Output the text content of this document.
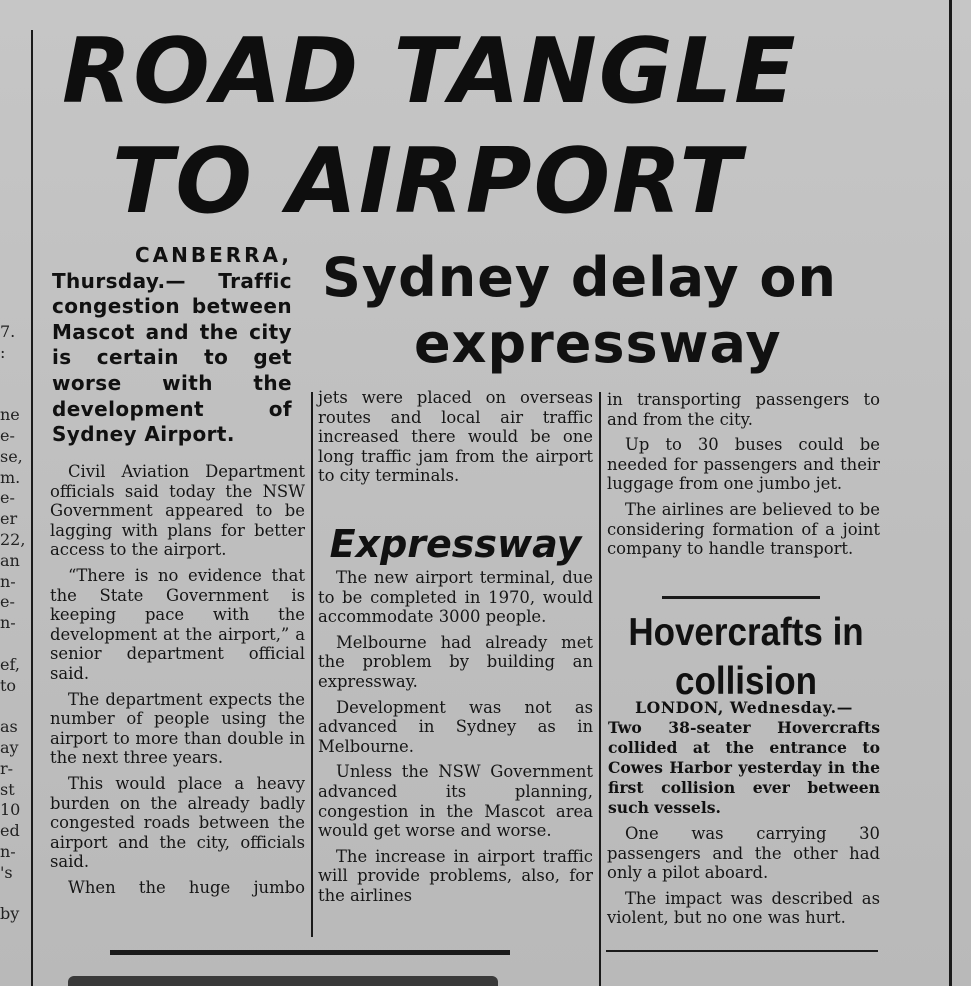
7.
:

ne
e-
se,
m.
e-
er
22,
an
n-
e-
n-

ef,
to

as
ay
r-
st
10
ed
n-
's

by
ROAD TANGLE
TO AIRPORT
Sydney delay on
expressway
CANBERRA,
Thursday.— Traffic congestion between Mascot and the city is certain to get worse with the development of Sydney Airport.

Civil Aviation Department officials said today the NSW Government appeared to be lagging with plans for better access to the airport.

“There is no evidence that the State Government is keeping pace with the development at the airport,” a senior department official said.

The department expects the number of people using the airport to more than double in the next three years.

This would place a heavy burden on the already badly congested roads between the airport and the city, officials said.

When the huge jumbo

jets were placed on overseas routes and local air traffic increased there would be one long traffic jam from the airport to city terminals.

Expressway

The new airport terminal, due to be completed in 1970, would accommodate 3000 people.

Melbourne had already met the problem by building an expressway.

Development was not as advanced in Sydney as in Melbourne.

Unless the NSW Government advanced its planning, congestion in the Mascot area would get worse and worse.

The increase in airport traffic will provide problems, also, for the airlines

in transporting passengers to and from the city.

Up to 30 buses could be needed for passengers and their luggage from one jumbo jet.

The airlines are believed to be considering formation of a joint company to handle transport.

Hovercrafts in
collision
LONDON, Wednesday.—
Two 38-seater Hovercrafts collided at the entrance to Cowes Harbor yesterday in the first collision ever between such vessels.

One was carrying 30 passengers and the other had only a pilot aboard.

The impact was described as violent, but no one was hurt.
